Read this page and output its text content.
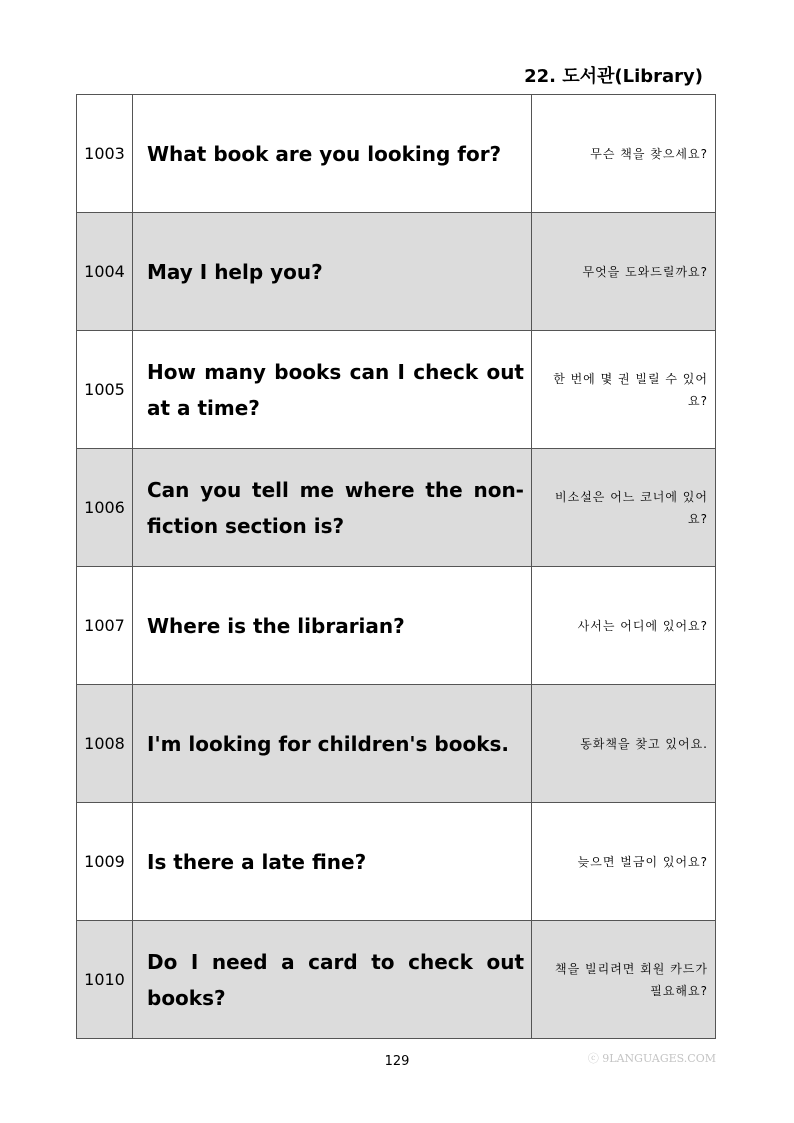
22. 도서관(Library)
1003	What book are you looking for?	무슨 책을 찾으세요?
1004	May I help you?	무엇을 도와드릴까요?
1005	How many books can I check out at a time?	한 번에 몇 권 빌릴 수 있어요?
1006	Can you tell me where the non-fiction section is?	비소설은 어느 코너에 있어요?
1007	Where is the librarian?	사서는 어디에 있어요?
1008	I'm looking for children's books.	동화책을 찾고 있어요.
1009	Is there a late fine?	늦으면 벌금이 있어요?
1010	Do I need a card to check out books?	책을 빌리려면 회원 카드가 필요해요?
129	ⓒ 9LANGUAGES.COM
